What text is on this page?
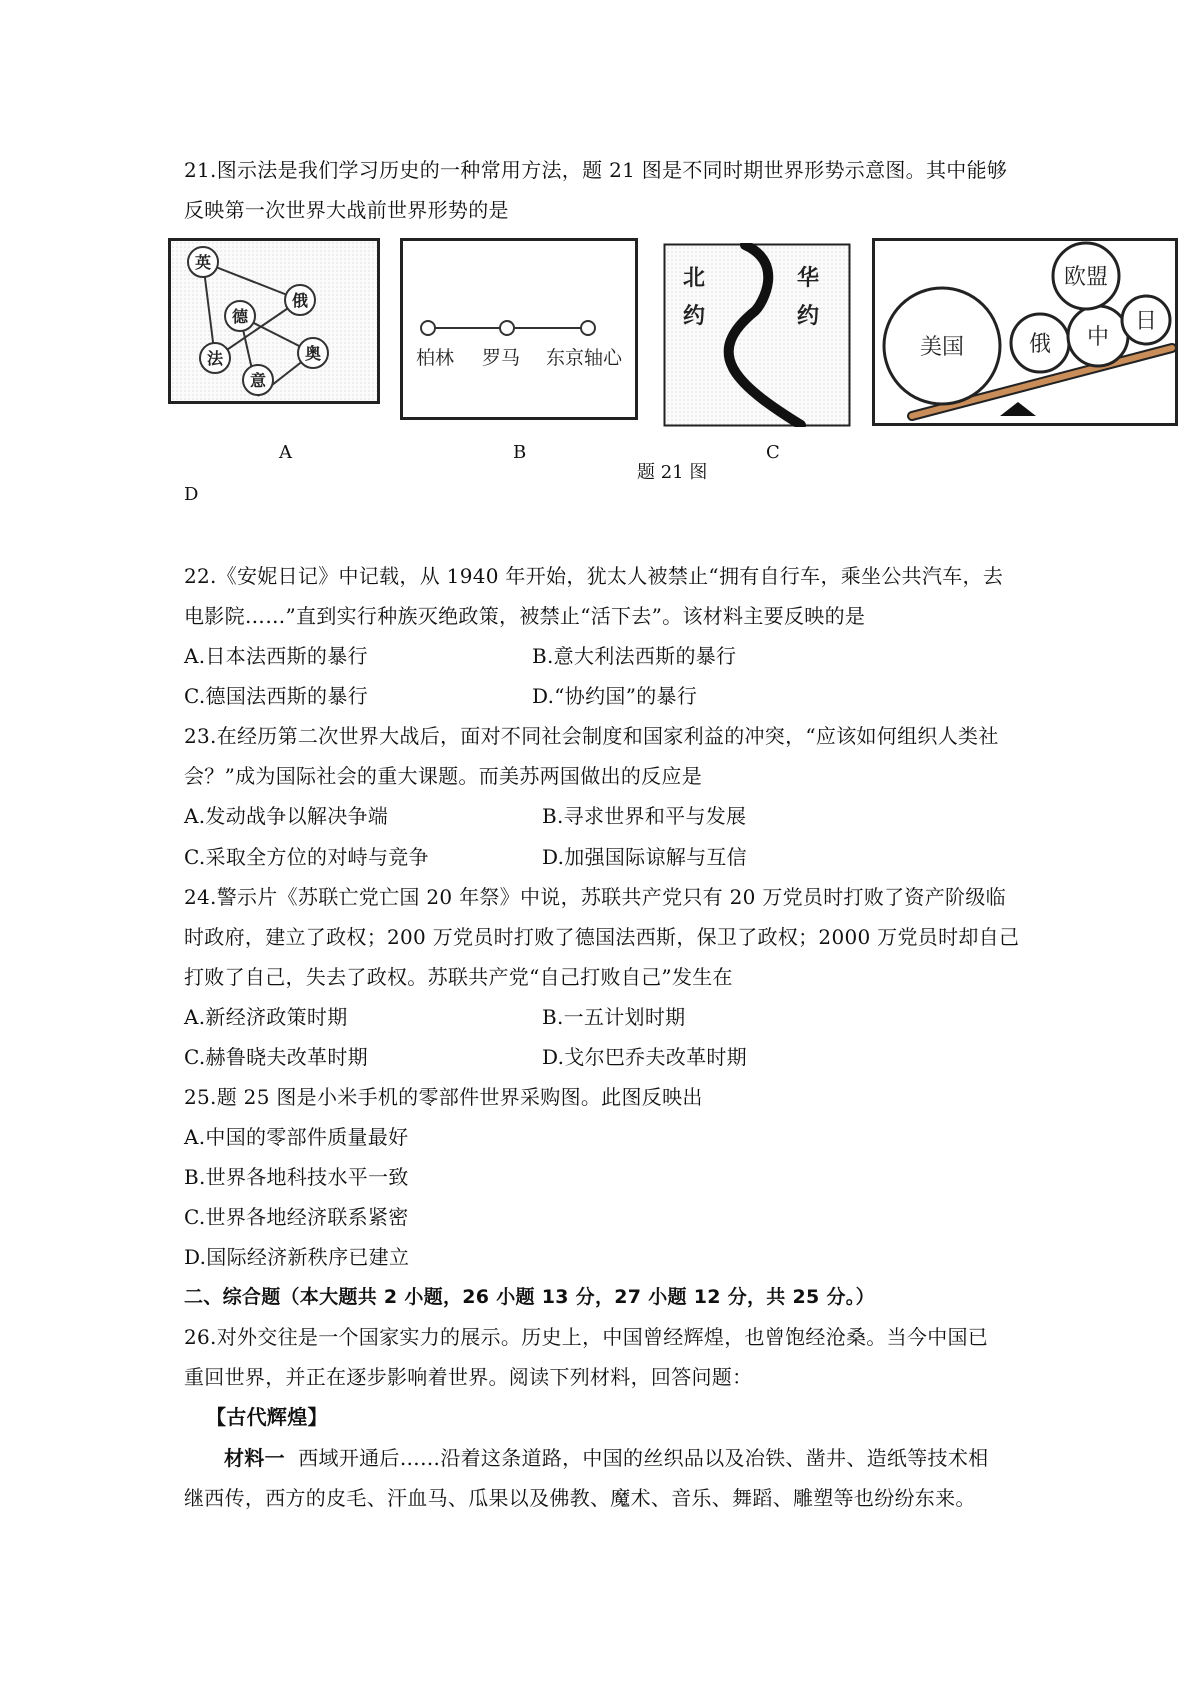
21.图示法是我们学习历史的一种常用方法，题 21 图是不同时期世界形势示意图。其中能够
反映第一次世界大战前世界形势的是
英
俄
德
法	奥
意
柏林 罗马 东京轴心
北
约
华
约
美国	俄 中
欧盟
日
A	B
题 21 图
C
D
22.《安妮日记》中记载，从 1940 年开始，犹太人被禁止“拥有自行车，乘坐公共汽车，去
电影院……”直到实行种族灭绝政策，被禁止“活下去”。该材料主要反映的是
A.日本法西斯的暴行	B.意大利法西斯的暴行
C.德国法西斯的暴行	D.“协约国”的暴行
23.在经历第二次世界大战后，面对不同社会制度和国家利益的冲突，“应该如何组织人类社
会？”成为国际社会的重大课题。而美苏两国做出的反应是
A.发动战争以解决争端	B.寻求世界和平与发展
C.采取全方位的对峙与竞争	D.加强国际谅解与互信
24.警示片《苏联亡党亡国 20 年祭》中说，苏联共产党只有 20 万党员时打败了资产阶级临
时政府，建立了政权；200 万党员时打败了德国法西斯，保卫了政权；2000 万党员时却自己
打败了自己，失去了政权。苏联共产党“自己打败自己”发生在
A.新经济政策时期	B.一五计划时期
C.赫鲁晓夫改革时期	D.戈尔巴乔夫改革时期
25.题 25 图是小米手机的零部件世界采购图。此图反映出
A.中国的零部件质量最好
B.世界各地科技水平一致
C.世界各地经济联系紧密
D.国际经济新秩序已建立
二、综合题（本大题共 2 小题，26 小题 13 分，27 小题 12 分，共 25 分。）
26.对外交往是一个国家实力的展示。历史上，中国曾经辉煌，也曾饱经沧桑。当今中国已
重回世界，并正在逐步影响着世界。阅读下列材料，回答问题：
【古代辉煌】
材料一 西域开通后……沿着这条道路，中国的丝织品以及冶铁、凿井、造纸等技术相
继西传，西方的皮毛、汗血马、瓜果以及佛教、魔术、音乐、舞蹈、雕塑等也纷纷东来。
